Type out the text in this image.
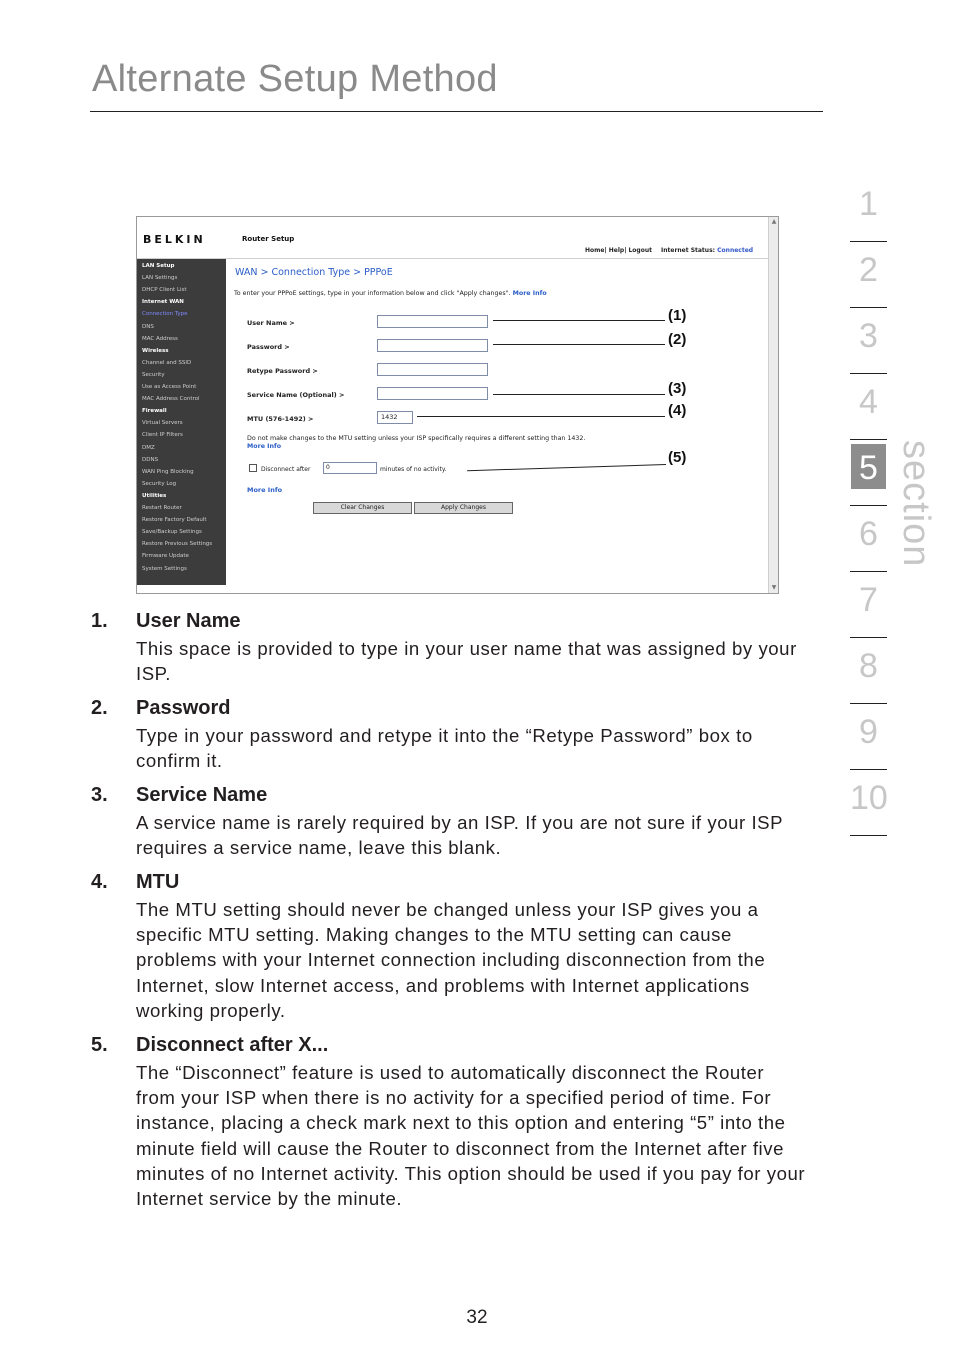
Alternate Setup Method
1
2
3
4
5
6
7
8
9
10
section
BELKIN	Router Setup
Home| Help| Logout Internet Status: Connected
▲
▼
LAN Setup
LAN Settings
DHCP Client List
Internet WAN
Connection Type
DNS
MAC Address
Wireless
Channel and SSID
Security
Use as Access Point
MAC Address Control
Firewall
Virtual Servers
Client IP Filters
DMZ
DDNS
WAN Ping Blocking
Security Log
Utilities
Restart Router
Restore Factory Default
Save/Backup Settings
Restore Previous Settings
Firmware Update
System Settings
WAN > Connection Type > PPPoE
To enter your PPPoE settings, type in your information below and click "Apply changes". More Info
User Name >
Password >
Retype Password >
Service Name (Optional) >
MTU (576-1492) >	1432
Do not make changes to the MTU setting unless your ISP specifically requires a different setting than 1432. More Info
Disconnect after	0	minutes of no activity.
More Info
Clear Changes	Apply Changes
(1)
(2)
(3)
(4)
(5)
1. User Name
This space is provided to type in your user name that was assigned by your ISP.
2. Password
Type in your password and retype it into the “Retype Password” box to confirm it.
3. Service Name
A service name is rarely required by an ISP. If you are not sure if your ISP requires a service name, leave this blank.
4. MTU
The MTU setting should never be changed unless your ISP gives you a specific MTU setting. Making changes to the MTU setting can cause problems with your Internet connection including disconnection from the Internet, slow Internet access, and problems with Internet applications working properly.
5. Disconnect after X...
The “Disconnect” feature is used to automatically disconnect the Router from your ISP when there is no activity for a specified period of time. For instance, placing a check mark next to this option and entering “5” into the minute field will cause the Router to disconnect from the Internet after five minutes of no Internet activity. This option should be used if you pay for your Internet service by the minute.
32
